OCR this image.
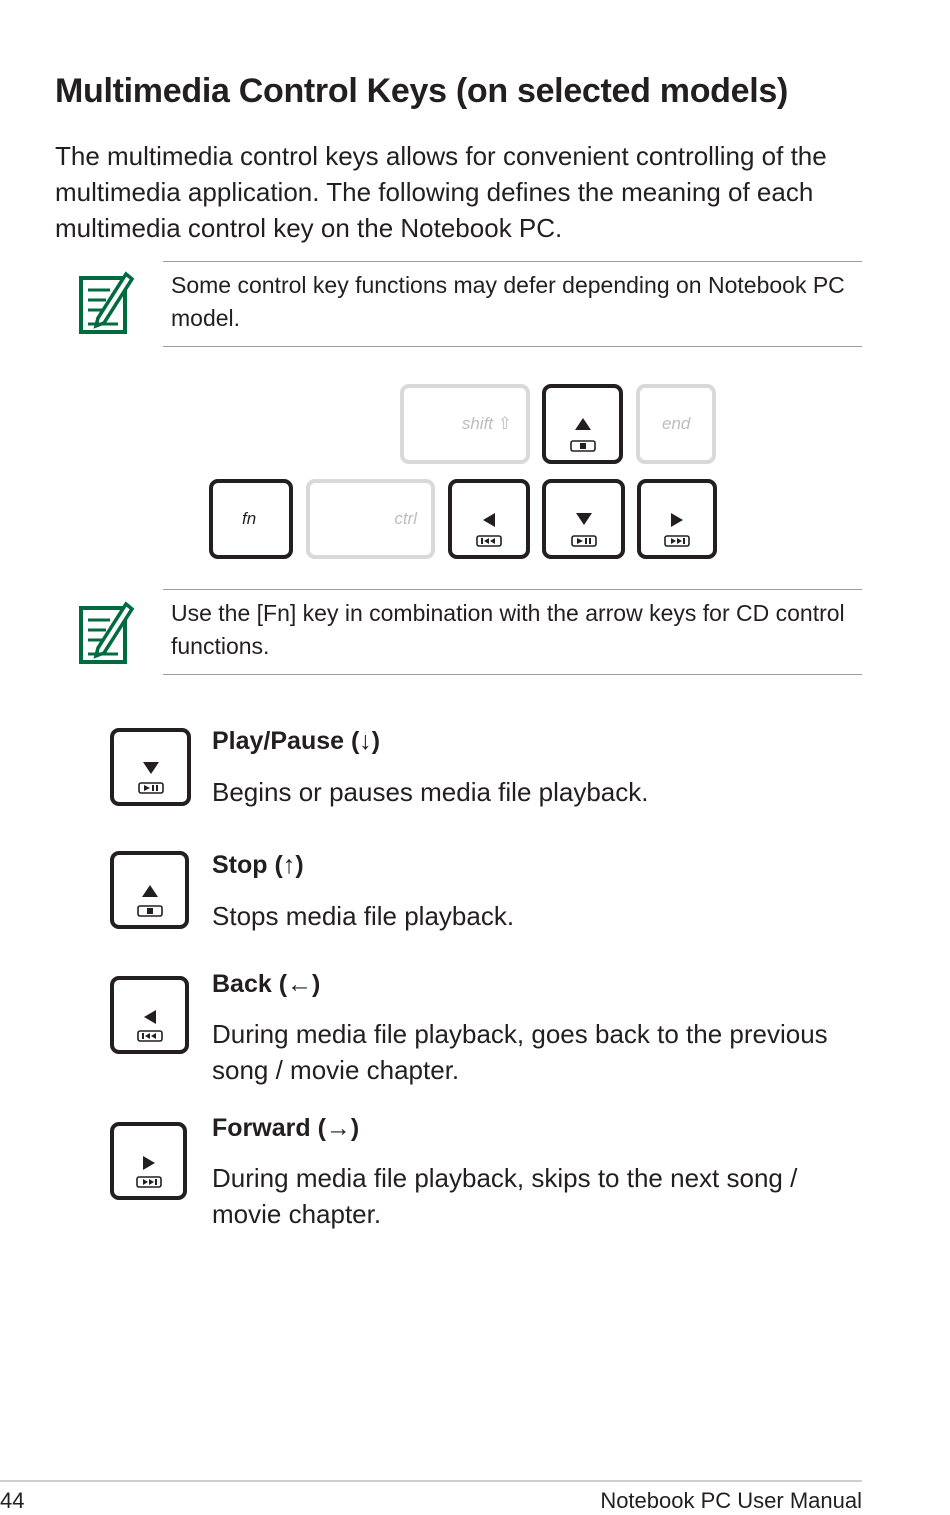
Multimedia Control Keys (on selected models)

The multimedia control keys allows for convenient controlling of the multimedia application. The following defines the meaning of each multimedia control key on the Notebook PC.

Some control key functions may defer depending on Notebook PC model.

shift ⇧	end
fn	ctrl

Use the [Fn] key in combination with the arrow keys for CD control functions.

Play/Pause (↓)

Begins or pauses media file playback.

Stop (↑)

Stops media file playback.

Back (←)

During media file playback, goes back to the previous song / movie chapter.

Forward (→)

During media file playback, skips to the next song / movie chapter.

44	Notebook PC User Manual
